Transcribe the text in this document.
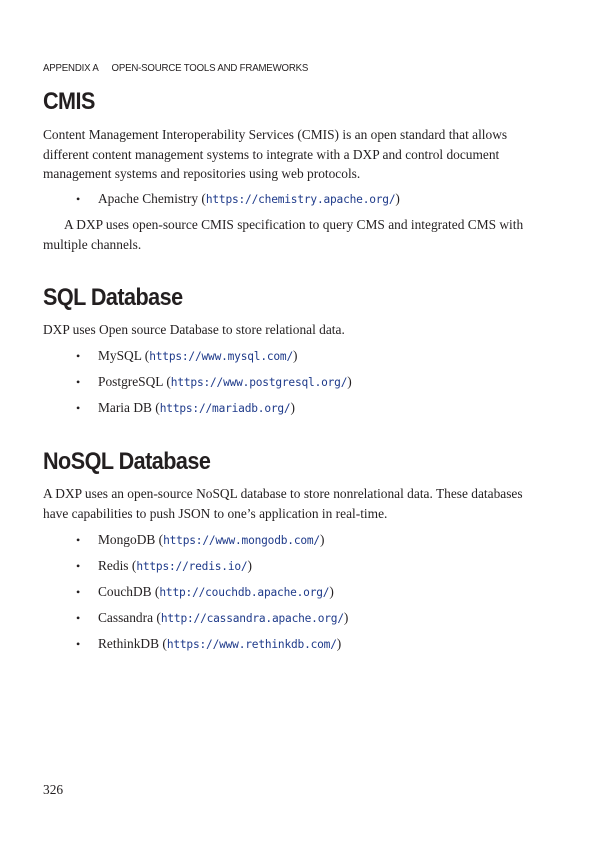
APPENDIX A OPEN-SOURCE TOOLS AND FRAMEWORKS
CMIS

Content Management Interoperability Services (CMIS) is an open standard that allows different content management systems to integrate with a DXP and control document management systems and repositories using web protocols.

• Apache Chemistry (https://chemistry.apache.org/)

A DXP uses open-source CMIS specification to query CMS and integrated CMS with multiple channels.

SQL Database

DXP uses Open source Database to store relational data.

• MySQL (https://www.mysql.com/)
• PostgreSQL (https://www.postgresql.org/)
• Maria DB (https://mariadb.org/)
NoSQL Database

A DXP uses an open-source NoSQL database to store nonrelational data. These databases have capabilities to push JSON to one’s application in real-time.

• MongoDB (https://www.mongodb.com/)
• Redis (https://redis.io/)
• CouchDB (http://couchdb.apache.org/)
• Cassandra (http://cassandra.apache.org/)
• RethinkDB (https://www.rethinkdb.com/)
326
